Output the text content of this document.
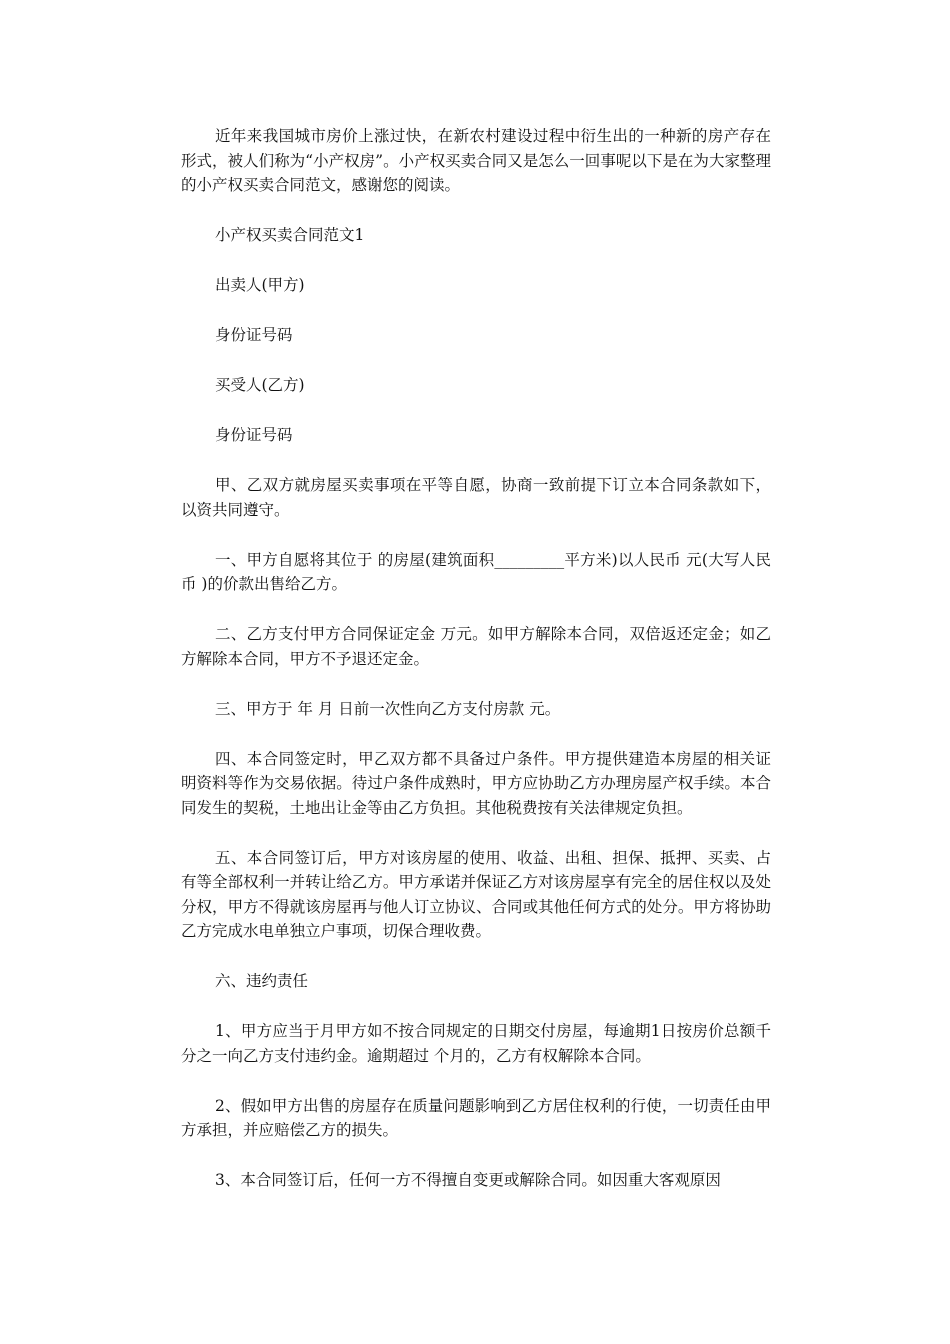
近年来我国城市房价上涨过快，在新农村建设过程中衍生出的一种新的房产存在形式，被人们称为“小产权房”。小产权买卖合同又是怎么一回事呢以下是在为大家整理的小产权买卖合同范文，感谢您的阅读。

小产权买卖合同范文1

出卖人(甲方)

身份证号码

买受人(乙方)

身份证号码

甲、乙双方就房屋买卖事项在平等自愿，协商一致前提下订立本合同条款如下，以资共同遵守。

一、甲方自愿将其位于 的房屋(建筑面积_________平方米)以人民币 元(大写人民币 )的价款出售给乙方。

二、乙方支付甲方合同保证定金 万元。如甲方解除本合同，双倍返还定金；如乙方解除本合同，甲方不予退还定金。

三、甲方于 年 月 日前一次性向乙方支付房款 元。

四、本合同签定时，甲乙双方都不具备过户条件。甲方提供建造本房屋的相关证明资料等作为交易依据。待过户条件成熟时，甲方应协助乙方办理房屋产权手续。本合同发生的契税，土地出让金等由乙方负担。其他税费按有关法律规定负担。

五、本合同签订后，甲方对该房屋的使用、收益、出租、担保、抵押、买卖、占有等全部权利一并转让给乙方。甲方承诺并保证乙方对该房屋享有完全的居住权以及处分权，甲方不得就该房屋再与他人订立协议、合同或其他任何方式的处分。甲方将协助乙方完成水电单独立户事项，切保合理收费。

六、违约责任

1、甲方应当于月甲方如不按合同规定的日期交付房屋，每逾期1日按房价总额千分之一向乙方支付违约金。逾期超过 个月的，乙方有权解除本合同。

2、假如甲方出售的房屋存在质量问题影响到乙方居住权利的行使，一切责任由甲方承担，并应赔偿乙方的损失。

3、本合同签订后，任何一方不得擅自变更或解除合同。如因重大客观原因
